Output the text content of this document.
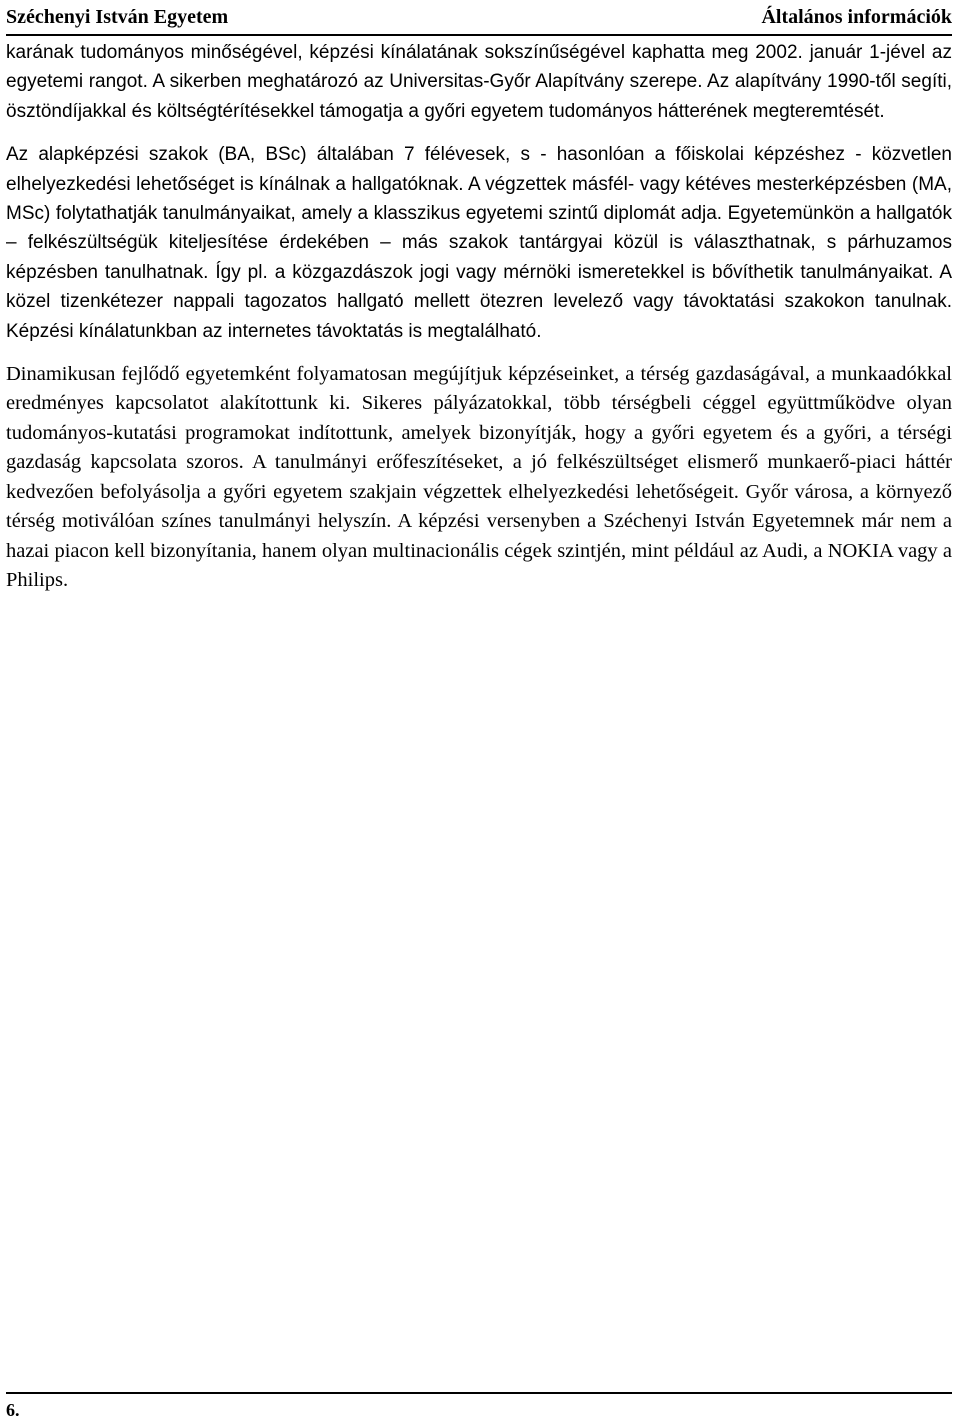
Széchenyi István Egyetem	Általános információk

karának tudományos minőségével, képzési kínálatának sokszínűségével kaphatta meg 2002. január 1-jével az egyetemi rangot. A sikerben meghatározó az Universitas-Győr Alapítvány szerepe. Az alapítvány 1990-től segíti, ösztöndíjakkal és költségtérítésekkel támogatja a győri egyetem tudományos hátterének megteremtését.

Az alapképzési szakok (BA, BSc) általában 7 félévesek, s - hasonlóan a főiskolai képzéshez - közvetlen elhelyezkedési lehetőséget is kínálnak a hallgatóknak. A végzettek másfél- vagy kétéves mesterképzésben (MA, MSc) folytathatják tanulmányaikat, amely a klasszikus egyetemi szintű diplomát adja. Egyetemünkön a hallgatók – felkészültségük kiteljesítése érdekében – más szakok tantárgyai közül is választhatnak, s párhuzamos képzésben tanulhatnak. Így pl. a közgazdászok jogi vagy mérnöki ismeretekkel is bővíthetik tanulmányaikat. A közel tizenkétezer nappali tagozatos hallgató mellett ötezren levelező vagy távoktatási szakokon tanulnak. Képzési kínálatunkban az internetes távoktatás is megtalálható.

Dinamikusan fejlődő egyetemként folyamatosan megújítjuk képzéseinket, a térség gazdaságával, a munkaadókkal eredményes kapcsolatot alakítottunk ki. Sikeres pályázatokkal, több térségbeli céggel együttműködve olyan tudományos-kutatási programokat indítottunk, amelyek bizonyítják, hogy a győri egyetem és a győri, a térségi gazdaság kapcsolata szoros. A tanulmányi erőfeszítéseket, a jó felkészültséget elismerő munkaerő-piaci háttér kedvezően befolyásolja a győri egyetem szakjain végzettek elhelyezkedési lehetőségeit. Győr városa, a környező térség motiválóan színes tanulmányi helyszín. A képzési versenyben a Széchenyi István Egyetemnek már nem a hazai piacon kell bizonyítania, hanem olyan multinacionális cégek szintjén, mint például az Audi, a NOKIA vagy a Philips.

6.
